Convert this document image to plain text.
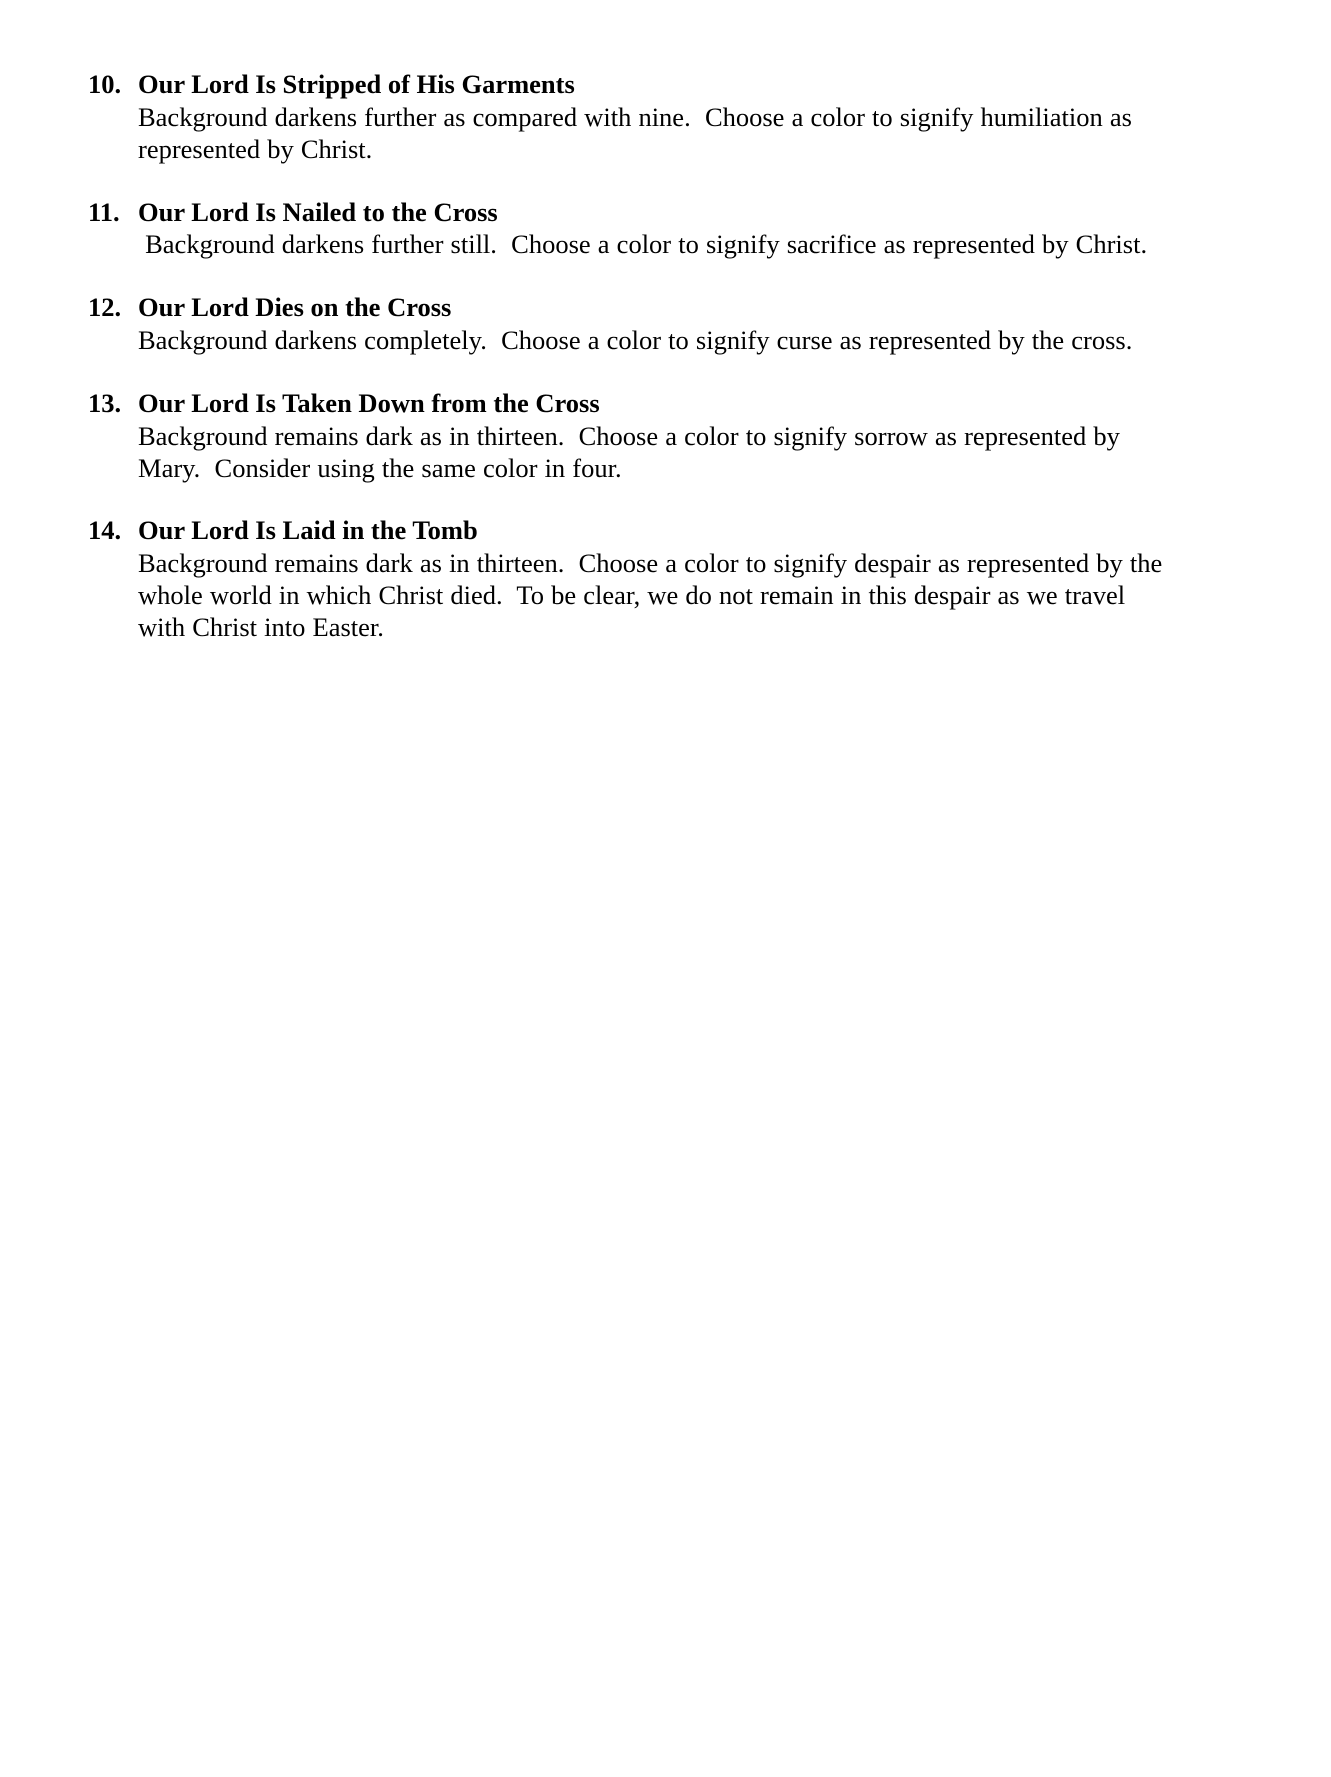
10. Our Lord Is Stripped of His Garments
Background darkens further as compared with nine.  Choose a color to signify humiliation as represented by Christ.
11. Our Lord Is Nailed to the Cross
Background darkens further still.  Choose a color to signify sacrifice as represented by Christ.
12. Our Lord Dies on the Cross
Background darkens completely.  Choose a color to signify curse as represented by the cross.
13. Our Lord Is Taken Down from the Cross
Background remains dark as in thirteen.  Choose a color to signify sorrow as represented by Mary.  Consider using the same color in four.
14. Our Lord Is Laid in the Tomb
Background remains dark as in thirteen.  Choose a color to signify despair as represented by the whole world in which Christ died.  To be clear, we do not remain in this despair as we travel with Christ into Easter.
